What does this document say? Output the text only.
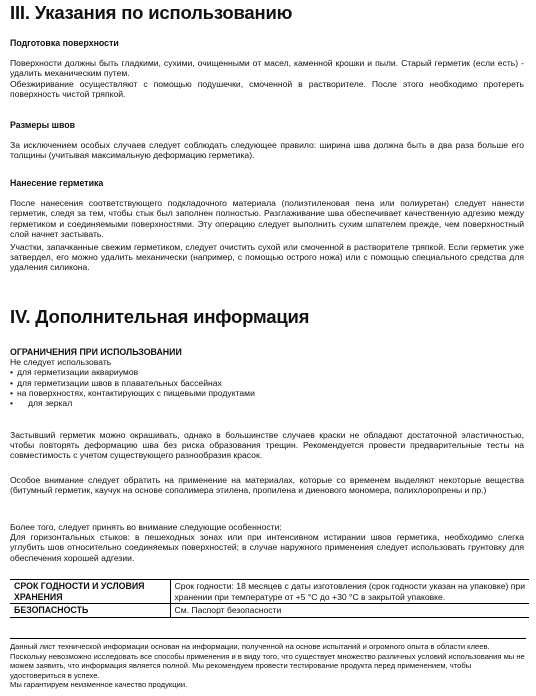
III. Указания по использованию
Подготовка поверхности

Поверхности должны быть гладкими, сухими, очищенными от масел, каменной крошки и пыли. Старый герметик (если есть) - удалить механическим путем.

Обезжиривание осуществляют с помощью подушечки, смоченной в растворителе. После этого необходимо протереть поверхность чистой тряпкой.

Размеры швов

За исключением особых случаев следует соблюдать следующее правило: ширина шва должна быть в два раза больше его толщины (учитывая максимальную деформацию герметика).

Нанесение герметика

После нанесения соответствующего подкладочного материала (полиэтиленовая пена или полиуретан) следует нанести герметик, следя за тем, чтобы стык был заполнен полностью. Разглаживание шва обеспечивает качественную адгезию между герметиком и соединяемыми поверхностями. Эту операцию следует выполнить сухим шпателем прежде, чем поверхностный слой начнет застывать.

Участки, запачканные свежим герметиком, следует очистить сухой или смоченной в растворителе тряпкой. Если герметик уже затвердел, его можно удалить механически (например, с помощью острого ножа) или с помощью специального средства для удаления силикона.

IV. Дополнительная информация
ОГРАНИЧЕНИЯ ПРИ ИСПОЛЬЗОВАНИИ
Не следует использовать
• для герметизации аквариумов
• для герметизации швов в плавательных бассейнах
• на поверхностях, контактирующих с пищевыми продуктами
• для зеркал

Застывший герметик можно окрашивать, однако в большинстве случаев краски не обладают достаточной эластичностью, чтобы повторять деформацию шва без риска образования трещин. Рекомендуется провести предварительные тесты на совместимость с учетом существующего разнообразия красок.

Особое внимание следует обратить на применение на материалах, которые со временем выделяют некоторые вещества (битумный герметик, каучук на основе сополимера этилена, пропилена и диенового мономера, полихлоропрены и пр.)

Более того, следует принять во внимание следующие особенности:

Для горизонтальных стыков: в пешеходных зонах или при интенсивном истирании швов герметика, необходимо слегка углубить шов относительно соединяемых поверхностей; в случае наружного применения следует использовать грунтовку для обеспечения хорошей адгезии.

СРОК ГОДНОСТИ И УСЛОВИЯ ХРАНЕНИЯ	Срок годности: 18 месяцев с даты изготовления (срок годности указан на упаковке) при хранении при температуре от +5 °С до +30 °С в закрытой упаковке.
БЕЗОПАСНОСТЬ	См. Паспорт безопасности

Данный лист технической информации основан на информации, полученной на основе испытаний и огромного опыта в области клеев. Поскольку невозможно исследовать все способы применения и в виду того, что существует множество различных условий использования мы не можем заявить, что информация является полной. Мы рекомендуем провести тестирование продукта перед применением, чтобы удостовериться в успехе.

Мы гарантируем неизменное качество продукции.
